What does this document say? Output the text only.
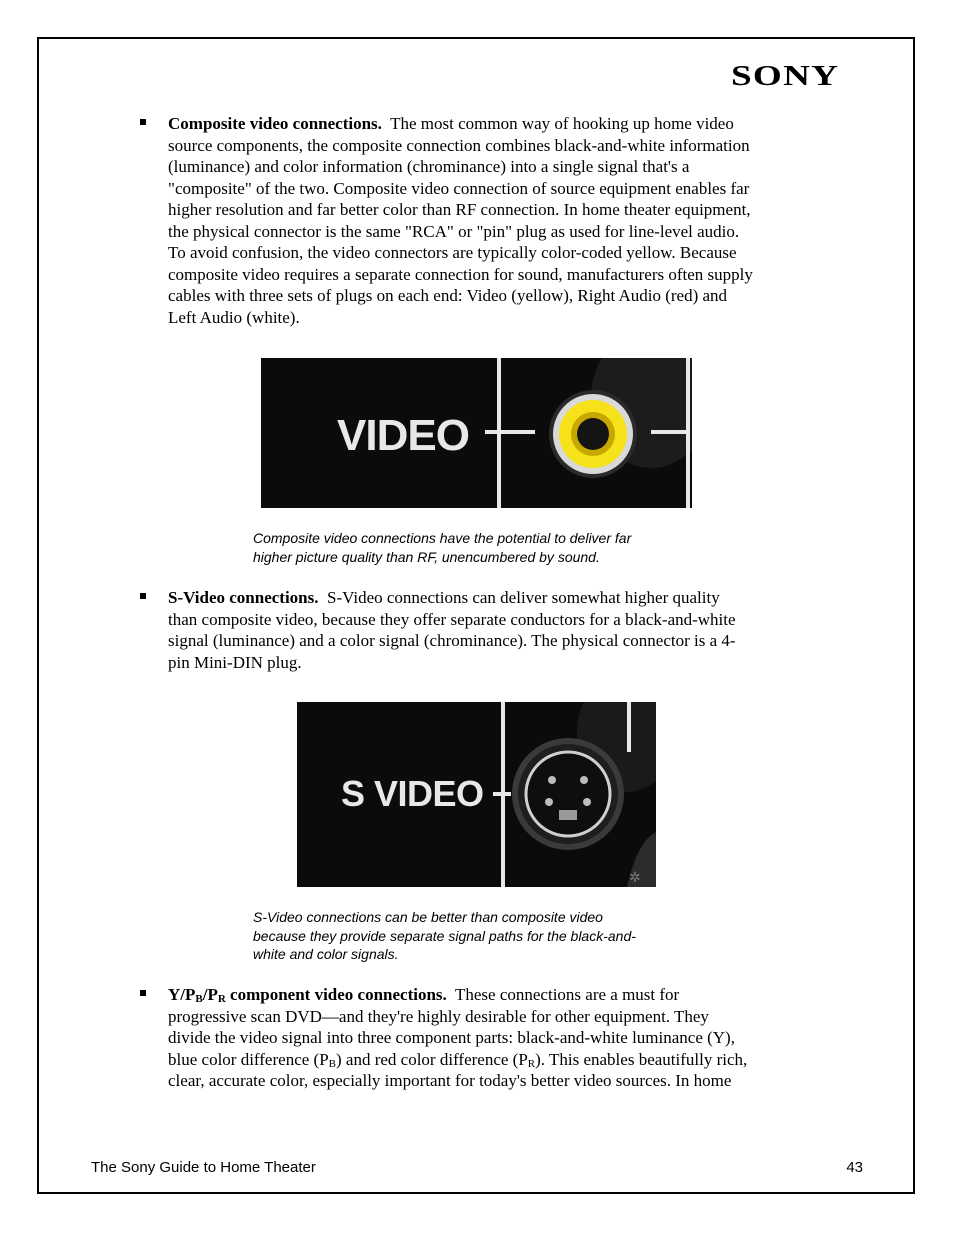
SONY
Composite video connections. The most common way of hooking up home video
source components, the composite connection combines black-and-white information
(luminance) and color information (chrominance) into a single signal that's a
"composite" of the two. Composite video connection of source equipment enables far
higher resolution and far better color than RF connection. In home theater equipment,
the physical connector is the same "RCA" or "pin" plug as used for line-level audio.
To avoid confusion, the video connectors are typically color-coded yellow. Because
composite video requires a separate connection for sound, manufacturers often supply
cables with three sets of plugs on each end: Video (yellow), Right Audio (red) and
Left Audio (white).
VIDEO
Composite video connections have the potential to deliver far
higher picture quality than RF, unencumbered by sound.
S-Video connections. S-Video connections can deliver somewhat higher quality
than composite video, because they offer separate conductors for a black-and-white
signal (luminance) and a color signal (chrominance). The physical connector is a 4-
pin Mini-DIN plug.
S VIDEO
✲
S-Video connections can be better than composite video
because they provide separate signal paths for the black-and-
white and color signals.
$Y/P_B/P_R$ component video connections. These connections are a must for
progressive scan DVD—and they're highly desirable for other equipment. They
divide the video signal into three component parts: black-and-white luminance (Y),
blue color difference $(P_B)$ and red color difference $(P_R)$. This enables beautifully rich,
clear, accurate color, especially important for today's better video sources. In home
The Sony Guide to Home Theater	43
